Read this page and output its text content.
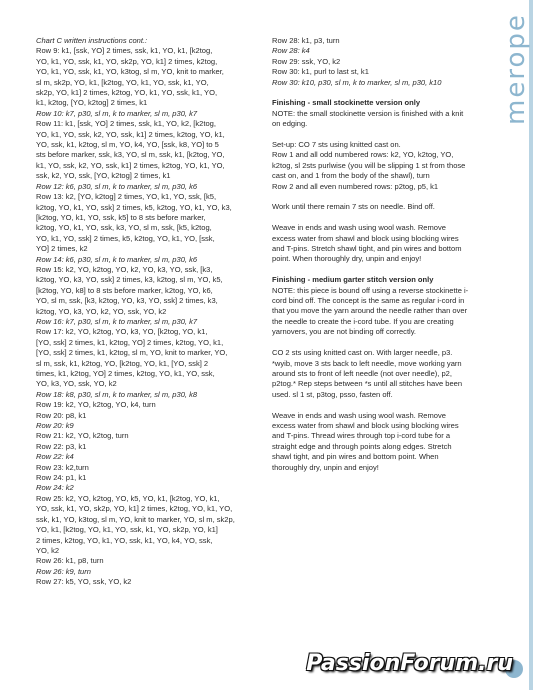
merope

Chart C written instructions cont.:

Row 9: k1, [ssk, YO] 2 times, ssk, k1, YO, k1, [k2tog,

YO, k1, YO, ssk, k1, YO, sk2p, YO, k1] 2 times, k2tog,

YO, k1, YO, ssk, k1, YO, k3tog, sl m, YO, knit to marker,

sl m, sk2p, YO, k1, [k2tog, YO, k1, YO, ssk, k1, YO,

sk2p, YO, k1] 2 times, k2tog, YO, k1, YO, ssk, k1, YO,

k1, k2tog, [YO, k2tog] 2 times, k1

Row 10: k7, p30, sl m, k to marker, sl m, p30, k7

Row 11: k1, [ssk, YO] 2 times, ssk, k1, YO, k2, [k2tog,

YO, k1, YO, ssk, k2, YO, ssk, k1] 2 times, k2tog, YO, k1,

YO, ssk, k1, k2tog, sl m, YO, k4, YO, [ssk, k8, YO] to 5

sts before marker, ssk, k3, YO, sl m, ssk, k1, [k2tog, YO,

k1, YO, ssk, k2, YO, ssk, k1] 2 times, k2tog, YO, k1, YO,

ssk, k2, YO, ssk, [YO, k2tog] 2 times, k1

Row 12: k6, p30, sl m, k to marker, sl m, p30, k6

Row 13: k2, [YO, k2tog] 2 times, YO, k1, YO, ssk, [k5,

k2tog, YO, k1, YO, ssk] 2 times, k5, k2tog, YO, k1, YO, k3,

[k2tog, YO, k1, YO, ssk, k5] to 8 sts before marker,

k2tog, YO, k1, YO, ssk, k3, YO, sl m, ssk, [k5, k2tog,

YO, k1, YO, ssk] 2 times, k5, k2tog, YO, k1, YO, [ssk,

YO] 2 times, k2

Row 14: k6, p30, sl m, k to marker, sl m, p30, k6

Row 15: k2, YO, k2tog, YO, k2, YO, k3, YO, ssk, [k3,

k2tog, YO, k3, YO, ssk] 2 times, k3, k2tog, sl m, YO, k5,

[k2tog, YO, k8] to 8 sts before marker, k2tog, YO, k6,

YO, sl m, ssk, [k3, k2tog, YO, k3, YO, ssk] 2 times, k3,

k2tog, YO, k3, YO, k2, YO, ssk, YO, k2

Row 16: k7, p30, sl m, k to marker, sl m, p30, k7

Row 17: k2, YO, k2tog, YO, k3, YO, [k2tog, YO, k1,

[YO, ssk] 2 times, k1, k2tog, YO] 2 times, k2tog, YO, k1,

[YO, ssk] 2 times, k1, k2tog, sl m, YO, knit to marker, YO,

sl m, ssk, k1, k2tog, YO, [k2tog, YO, k1, [YO, ssk] 2

times, k1, k2tog, YO] 2 times, k2tog, YO, k1, YO, ssk,

YO, k3, YO, ssk, YO, k2

Row 18: k8, p30, sl m, k to marker, sl m, p30, k8

Row 19: k2, YO, k2tog, YO, k4, turn

Row 20: p8, k1

Row 20: k9

Row 21: k2, YO, k2tog, turn

Row 22: p3, k1

Row 22: k4

Row 23: k2,turn

Row 24: p1, k1

Row 24: k2

Row 25: k2, YO, k2tog, YO, k5, YO, k1, [k2tog, YO, k1,

YO, ssk, k1, YO, sk2p, YO, k1] 2 times, k2tog, YO, k1, YO,

ssk, k1, YO, k3tog, sl m, YO, knit to marker, YO, sl m, sk2p,

YO, k1, [k2tog, YO, k1, YO, ssk, k1, YO, sk2p, YO, k1]

2 times, k2tog, YO, k1, YO, ssk, k1, YO, k4, YO, ssk,

YO, k2

Row 26: k1, p8, turn

Row 26: k9, turn

Row 27: k5, YO, ssk, YO, k2

Row 28: k1, p3, turn

Row 28: k4

Row 29: ssk, YO, k2

Row 30: k1, purl to last st, k1

Row 30: k10, p30, sl m, k to marker, sl m, p30, k10

Finishing - small stockinette version only

NOTE: the small stockinette version is finished with a knit

on edging.

Set-up: CO 7 sts using knitted cast on.

Row 1 and all odd numbered rows: k2, YO, k2tog, YO,

k2tog, sl 2sts purlwise (you will be slipping 1 st from those

cast on, and 1 from the body of the shawl), turn

Row 2 and all even numbered rows: p2tog, p5, k1

Work until there remain 7 sts on needle. Bind off.

Weave in ends and wash using wool wash. Remove

excess water from shawl and block using blocking wires

and T-pins. Stretch shawl tight, and pin wires and bottom

point. When thoroughly dry, unpin and enjoy!

Finishing - medium garter stitch version only

NOTE: this piece is bound off using a reverse stockinette i-

cord bind off. The concept is the same as regular i-cord in

that you move the yarn around the needle rather than over

the needle to create the i-cord tube. If you are creating

yarnovers, you are not binding off correctly.

CO 2 sts using knitted cast on. With larger needle, p3.

*wyib, move 3 sts back to left needle, move working yarn

around sts to front of left needle (not over needle), p2,

p2tog.* Rep steps between *s until all stitches have been

used. sl 1 st, p3tog, psso, fasten off.

Weave in ends and wash using wool wash. Remove

excess water from shawl and block using blocking wires

and T-pins. Thread wires through top i-cord tube for a

straight edge and through points along edges. Stretch

shawl tight, and pin wires and bottom point. When

thoroughly dry, unpin and enjoy!

PassionForum.ru
